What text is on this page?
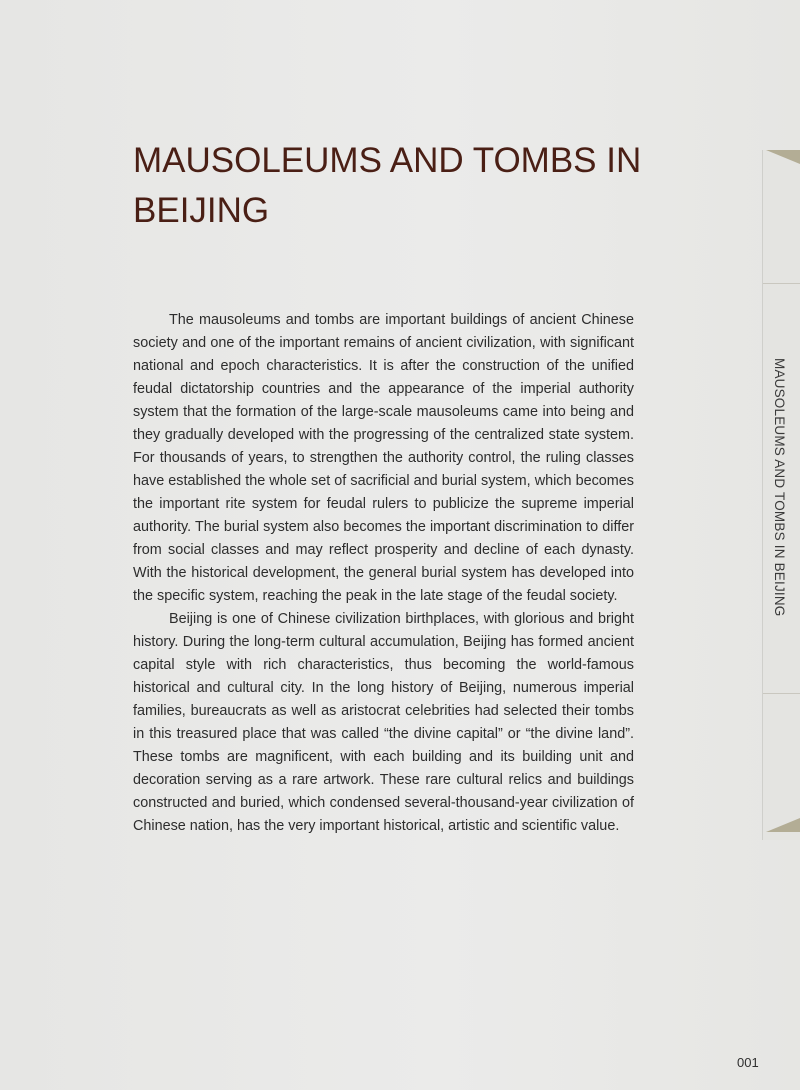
MAUSOLEUMS AND TOMBS IN BEIJING

The mausoleums and tombs are important buildings of ancient Chinese society and one of the important remains of ancient civilization, with significant national and epoch characteristics. It is after the construction of the unified feudal dictatorship countries and the appearance of the imperial authority system that the formation of the large-scale mausoleums came into being and they gradually developed with the progressing of the centralized state system. For thousands of years, to strengthen the authority control, the ruling classes have established the whole set of sacrificial and burial system, which becomes the important rite system for feudal rulers to publicize the supreme imperial authority. The burial system also becomes the important discrimination to differ from social classes and may reflect prosperity and decline of each dynasty. With the historical development, the general burial system has developed into the specific system, reaching the peak in the late stage of the feudal society.

Beijing is one of Chinese civilization birthplaces, with glorious and bright history. During the long-term cultural accumulation, Beijing has formed ancient capital style with rich characteristics, thus becoming the world-famous historical and cultural city. In the long history of Beijing, numerous imperial families, bureaucrats as well as aristocrat celebrities had selected their tombs in this treasured place that was called “the divine capital” or “the divine land”. These tombs are magnificent, with each building and its building unit and decoration serving as a rare artwork. These rare cultural relics and buildings constructed and buried, which condensed several-thousand-year civilization of Chinese nation, has the very important historical, artistic and scientific value.

MAUSOLEUMS AND TOMBS IN BEIJING
001
